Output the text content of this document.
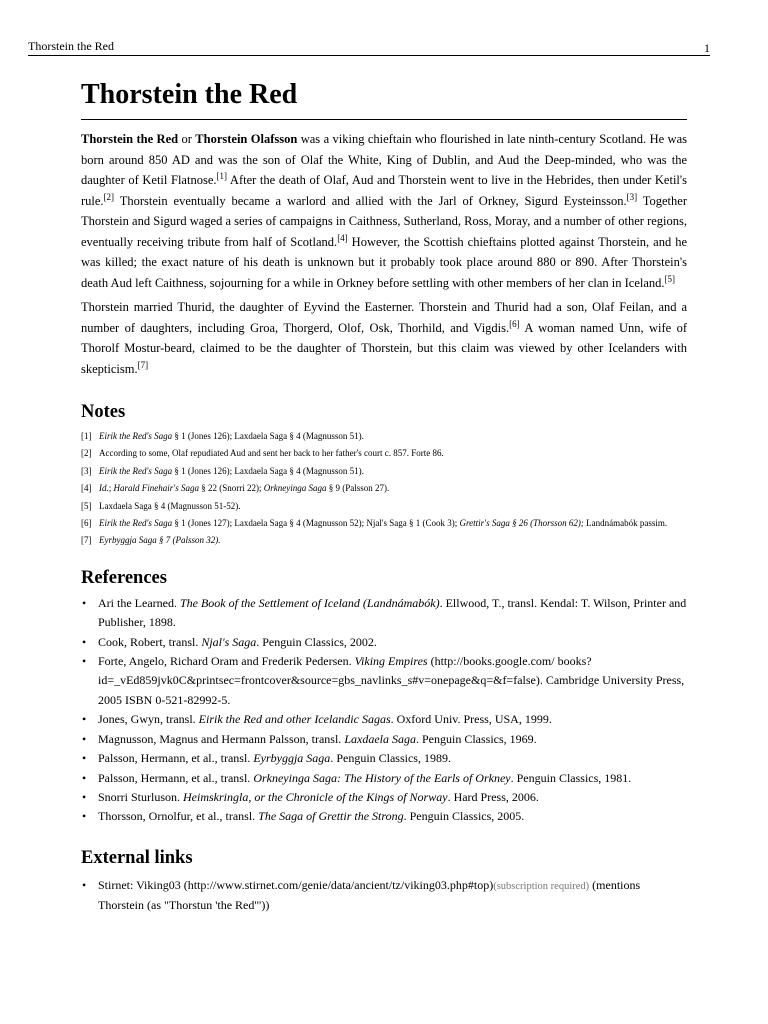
Thorstein the Red	1
Thorstein the Red

Thorstein the Red or Thorstein Olafsson was a viking chieftain who flourished in late ninth-century Scotland. He was born around 850 AD and was the son of Olaf the White, King of Dublin, and Aud the Deep-minded, who was the daughter of Ketil Flatnose.[1] After the death of Olaf, Aud and Thorstein went to live in the Hebrides, then under Ketil's rule.[2] Thorstein eventually became a warlord and allied with the Jarl of Orkney, Sigurd Eysteinsson.[3] Together Thorstein and Sigurd waged a series of campaigns in Caithness, Sutherland, Ross, Moray, and a number of other regions, eventually receiving tribute from half of Scotland.[4] However, the Scottish chieftains plotted against Thorstein, and he was killed; the exact nature of his death is unknown but it probably took place around 880 or 890. After Thorstein's death Aud left Caithness, sojourning for a while in Orkney before settling with other members of her clan in Iceland.[5]

Thorstein married Thurid, the daughter of Eyvind the Easterner. Thorstein and Thurid had a son, Olaf Feilan, and a number of daughters, including Groa, Thorgerd, Olof, Osk, Thorhild, and Vigdis.[6] A woman named Unn, wife of Thorolf Mostur-beard, claimed to be the daughter of Thorstein, but this claim was viewed by other Icelanders with skepticism.[7]

Notes
[1] Eirik the Red's Saga § 1 (Jones 126); Laxdaela Saga § 4 (Magnusson 51).
[2] According to some, Olaf repudiated Aud and sent her back to her father's court c. 857. Forte 86.
[3] Eirik the Red's Saga § 1 (Jones 126); Laxdaela Saga § 4 (Magnusson 51).
[4] Id.; Harald Finehair's Saga § 22 (Snorri 22); Orkneyinga Saga § 9 (Palsson 27).
[5] Laxdaela Saga § 4 (Magnusson 51-52).
[6] Eirik the Red's Saga § 1 (Jones 127); Laxdaela Saga § 4 (Magnusson 52); Njal's Saga § 1 (Cook 3); Grettir's Saga § 26 (Thorsson 62); Landnámabók passim.
[7] Eyrbyggja Saga § 7 (Palsson 32).
References
• Ari the Learned. The Book of the Settlement of Iceland (Landnámabók). Ellwood, T., transl. Kendal: T. Wilson, Printer and Publisher, 1898.
• Cook, Robert, transl. Njal's Saga. Penguin Classics, 2002.
• Forte, Angelo, Richard Oram and Frederik Pedersen. Viking Empires (http://books.google.com/ books?id=_vEd859jvk0C&printsec=frontcover&source=gbs_navlinks_s#v=onepage&q=&f=false). Cambridge University Press, 2005 ISBN 0-521-82992-5.
• Jones, Gwyn, transl. Eirik the Red and other Icelandic Sagas. Oxford Univ. Press, USA, 1999.
• Magnusson, Magnus and Hermann Palsson, transl. Laxdaela Saga. Penguin Classics, 1969.
• Palsson, Hermann, et al., transl. Eyrbyggja Saga. Penguin Classics, 1989.
• Palsson, Hermann, et al., transl. Orkneyinga Saga: The History of the Earls of Orkney. Penguin Classics, 1981.
• Snorri Sturluson. Heimskringla, or the Chronicle of the Kings of Norway. Hard Press, 2006.
• Thorsson, Ornolfur, et al., transl. The Saga of Grettir the Strong. Penguin Classics, 2005.
External links
• Stirnet: Viking03 (http://www.stirnet.com/genie/data/ancient/tz/viking03.php#top)(subscription required) (mentions Thorstein (as "Thorstun 'the Red'"))
